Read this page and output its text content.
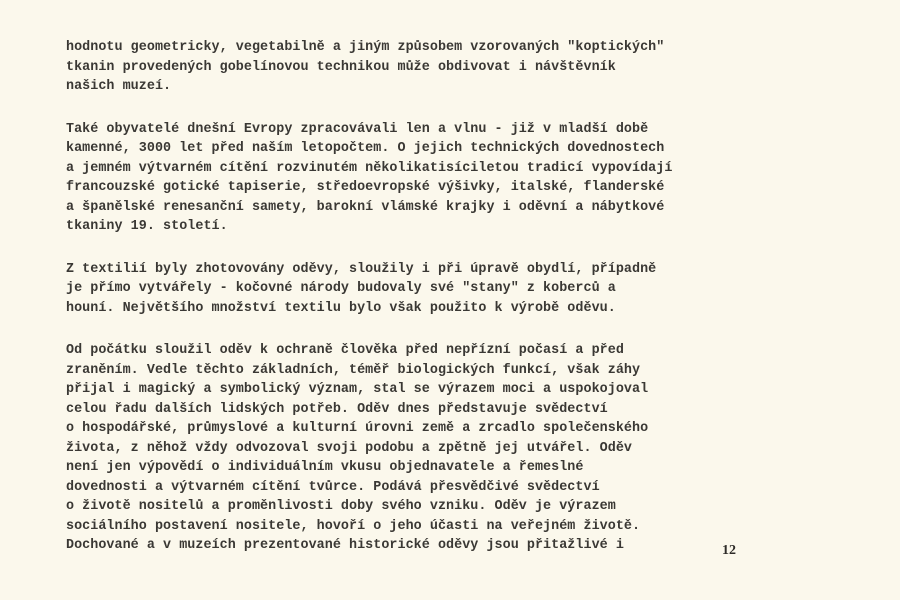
hodnotu geometricky, vegetabilně a jiným způsobem vzorovaných "koptických"
tkanin provedených gobelínovou technikou může obdivovat i návštěvník
našich muzeí.
Také obyvatelé dnešní Evropy zpracovávali len a vlnu - již v mladší době
kamenné, 3000 let před naším letopočtem. O jejich technických dovednostech
a jemném výtvarném cítění rozvinutém několikatisíciletou tradicí vypovídají
francouzské gotické tapiserie, středoevropské výšivky, italské, flanderské
a španělské renesanční samety, barokní vlámské krajky i oděvní a nábytkové
tkaniny 19. století.
Z textilií byly zhotovovány oděvy, sloužily i při úpravě obydlí, případně
je přímo vytvářely - kočovné národy budovaly své "stany" z koberců a
houní. Největšího množství textilu bylo však použito k výrobě oděvu.
Od počátku sloužil oděv k ochraně člověka před nepřízní počasí a před
zraněním. Vedle těchto základních, téměř biologických funkcí, však záhy
přijal i magický a symbolický význam, stal se výrazem moci a uspokojoval
celou řadu dalších lidských potřeb. Oděv dnes představuje svědectví
o hospodářské, průmyslové a kulturní úrovni země a zrcadlo společenského
života, z něhož vždy odvozoval svoji podobu a zpětně jej utvářel. Oděv
není jen výpovědí o individuálním vkusu objednavatele a řemeslné
dovednosti a výtvarném cítění tvůrce. Podává přesvědčivé svědectví
o životě nositelů a proměnlivosti doby svého vzniku. Oděv je výrazem
sociálního postavení nositele, hovoří o jeho účasti na veřejném životě.
Dochované a v muzeích prezentované historické oděvy jsou přitažlivé i	12
